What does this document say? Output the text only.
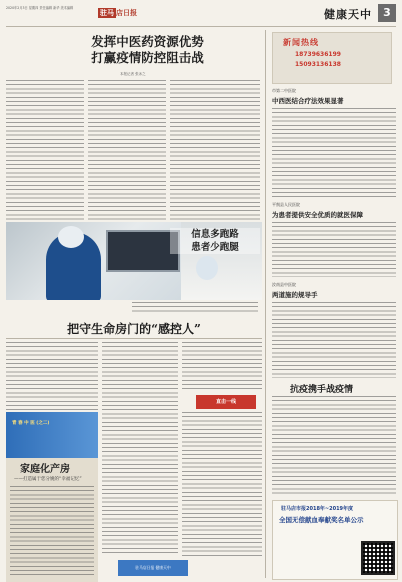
2020年2月3日 星期四 责任编辑 新华 美术编辑
驻马 店日报	健康天中	3
发挥中医药资源优势
打赢疫情防控阻击战
本报记者 张冰之
新闻热线
18739636199
15093136138
市第二中医院
中西医结合疗法效果显著
平舆县人民医院
为患者提供安全优质的就医保障
汝南县中医院
两道施的规导手
抗疫携手战疫情
驻马店市报2018年~2019年度
全国无偿献血奉献奖名单公示
信息多跑路
患者少跑腿
把守生命房门的“感控人”
直击一线
青 春 中 医 (之二)
家庭化产房
——打造属于您分娩的“幸福记忆”
驻马店日报 健康天中
